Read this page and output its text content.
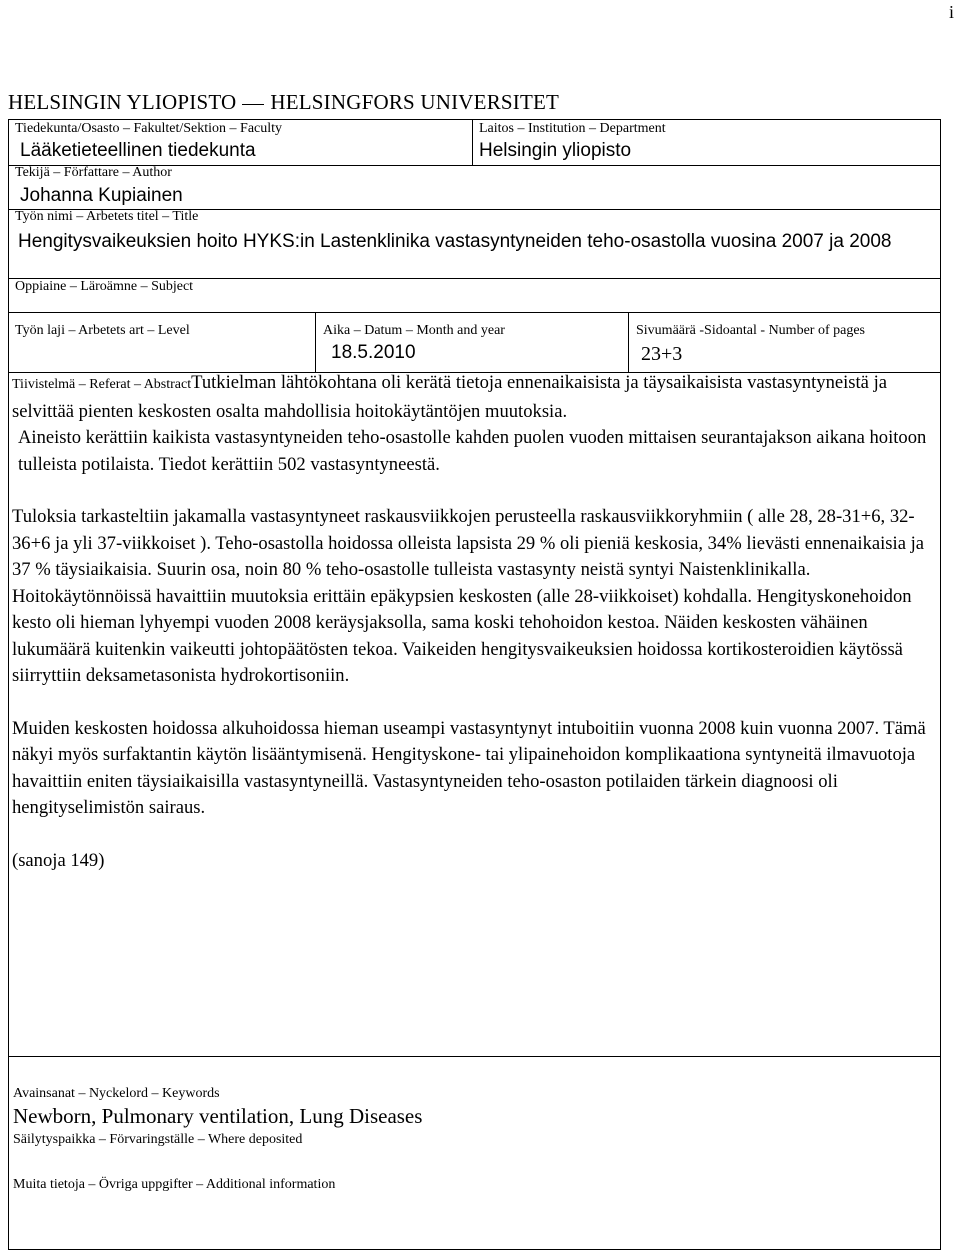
i
HELSINGIN YLIOPISTO HELSINGFORS UNIVERSITET
Tiedekunta/Osasto – Fakultet/Sektion – Faculty
Lääketieteellinen tiedekunta
Laitos – Institution – Department
Helsingin yliopisto
Tekijä – Författare – Author
Johanna Kupiainen
Työn nimi – Arbetets titel – Title
Hengitysvaikeuksien hoito HYKS:in Lastenklinika vastasyntyneiden teho-osastolla vuosina 2007 ja 2008
Oppiaine – Läroämne – Subject
Työn laji – Arbetets art – Level	Aika – Datum – Month and year
18.5.2010
Sivumäärä -Sidoantal - Number of pages
23+3

Tiivistelmä – Referat – AbstractTutkielman lähtökohtana oli kerätä tietoja ennenaikaisista ja täysaikaisista vastasyntyneistä ja selvittää pienten keskosten osalta mahdollisia hoitokäytäntöjen muutoksia.

Aineisto kerättiin kaikista vastasyntyneiden teho-osastolle kahden puolen vuoden mittaisen seurantajakson aikana hoitoon tulleista potilaista. Tiedot kerättiin 502 vastasyntyneestä.

Tuloksia tarkasteltiin jakamalla vastasyntyneet raskausviikkojen perusteella raskausviikkoryhmiin ( alle 28, 28-31+6, 32-36+6 ja yli 37-viikkoiset ). Teho-osastolla hoidossa olleista lapsista 29 % oli pieniä keskosia, 34% lievästi ennenaikaisia ja 37 % täysiaikaisia. Suurin osa, noin 80 % teho-osastolle tulleista vastasynty neistä syntyi Naistenklinikalla. Hoitokäytönnöissä havaittiin muutoksia erittäin epäkypsien keskosten (alle 28-viikkoiset) kohdalla. Hengityskonehoidon kesto oli hieman lyhyempi vuoden 2008 keräysjaksolla, sama koski tehohoidon kestoa. Näiden keskosten vähäinen lukumäärä kuitenkin vaikeutti johtopäätösten tekoa. Vaikeiden hengitysvaikeuksien hoidossa kortikosteroidien käytössä siirryttiin deksametasonista hydrokortisoniin.

Muiden keskosten hoidossa alkuhoidossa hieman useampi vastasyntynyt intuboitiin vuonna 2008 kuin vuonna 2007. Tämä näkyi myös surfaktantin käytön lisääntymisenä. Hengityskone- tai ylipainehoidon komplikaationa syntyneitä ilmavuotoja havaittiin eniten täysiaikaisilla vastasyntyneillä. Vastasyntyneiden teho-osaston potilaiden tärkein diagnoosi oli hengityselimistön sairaus.

(sanoja 149)

Avainsanat – Nyckelord – Keywords
Newborn, Pulmonary ventilation, Lung Diseases
Säilytyspaikka – Förvaringställe – Where deposited
Muita tietoja – Övriga uppgifter – Additional information
